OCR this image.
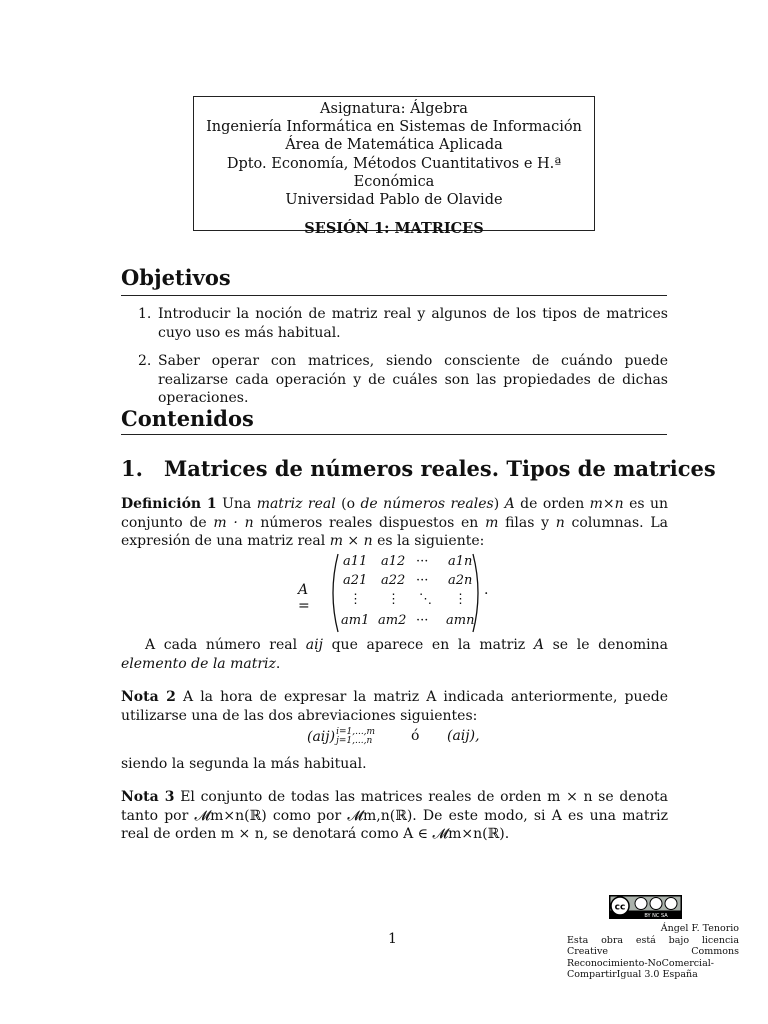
Asignatura: Álgebra
Ingeniería Informática en Sistemas de Información
Área de Matemática Aplicada
Dpto. Economía, Métodos Cuantitativos e H.ª Económica
Universidad Pablo de Olavide
SESIÓN 1: MATRICES
Objetivos
1. Introducir la noción de matriz real y algunos de los tipos de matrices cuyo uso es más habitual.
2. Saber operar con matrices, siendo consciente de cuándo puede realizarse cada operación y de cuáles son las propiedades de dichas operaciones.
Contenidos
1. Matrices de números reales. Tipos de matrices
Definición 1 Una matriz real (o de números reales) A de orden m×n es un conjunto de m · n números reales dispuestos en m filas y n columnas. La expresión de una matriz real m × n es la siguiente:
A =
.
a11 a12 ··· a1n
a21 a22 ··· a2n
⋮ ⋮ ⋱ ⋮
am1 am2 ··· amn
A cada número real aij que aparece en la matriz A se le denomina elemento de la matriz.
Nota 2 A la hora de expresar la matriz A indicada anteriormente, puede utilizarse una de las dos abreviaciones siguientes:
(aij) i=1,...,m
j=1,...,n	ó (aij),
siendo la segunda la más habitual.
Nota 3 El conjunto de todas las matrices reales de orden m × n se denota tanto por 𝓜m×n(ℝ) como por 𝓜m,n(ℝ). De este modo, si A es una matriz real de orden m × n, se denotará como A ∈ 𝓜m×n(ℝ).
cc
BY NC SA
Ángel F. Tenorio
Esta obra está bajo licencia Creative Commons Reconocimiento-NoComercial-CompartirIgual 3.0 España
1
